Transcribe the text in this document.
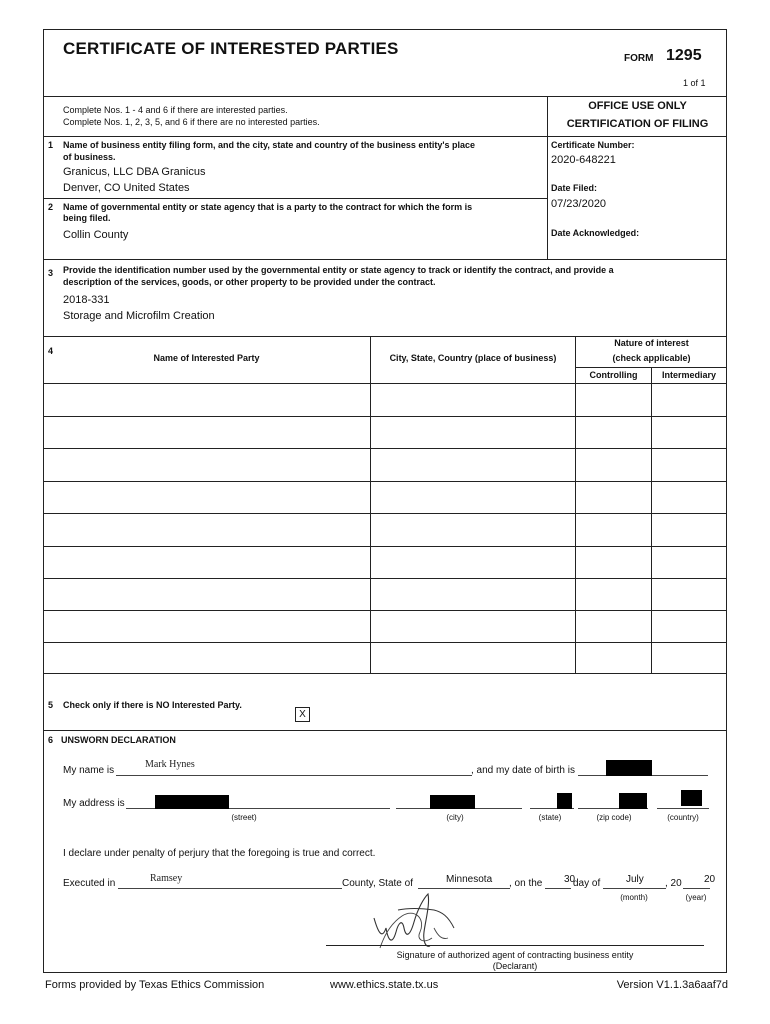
CERTIFICATE OF INTERESTED PARTIES
FORM 1295
1 of 1
Complete Nos. 1 - 4 and 6 if there are interested parties.
Complete Nos. 1, 2, 3, 5, and 6 if there are no interested parties.
OFFICE USE ONLY
CERTIFICATION OF FILING
Certificate Number:
2020-648221
Date Filed:
07/23/2020
Date Acknowledged:
1 Name of business entity filing form, and the city, state and country of the business entity's place
of business.
Granicus, LLC DBA Granicus
Denver, CO United States
2 Name of governmental entity or state agency that is a party to the contract for which the form is
being filed.
Collin County
3 Provide the identification number used by the governmental entity or state agency to track or identify the contract, and provide a
description of the services, goods, or other property to be provided under the contract.
2018-331
Storage and Microfilm Creation
4
Name of Interested Party	City, State, Country (place of business)
Nature of interest
(check applicable)
Controlling	Intermediary
5 Check only if there is NO Interested Party.
X
6 UNSWORN DECLARATION
My name is
Mark Hynes
, and my date of birth is
My address is
(street)	(city)	(state)	(zip code)	(country)
I declare under penalty of perjury that the foregoing is true and correct.
Executed in	Ramsey	County, State of	Minnesota , on the 30
day of	July , 20 20
(month)	(year)
Signature of authorized agent of contracting business entity
(Declarant)
Forms provided by Texas Ethics Commission	www.ethics.state.tx.us	Version V1.1.3a6aaf7d
